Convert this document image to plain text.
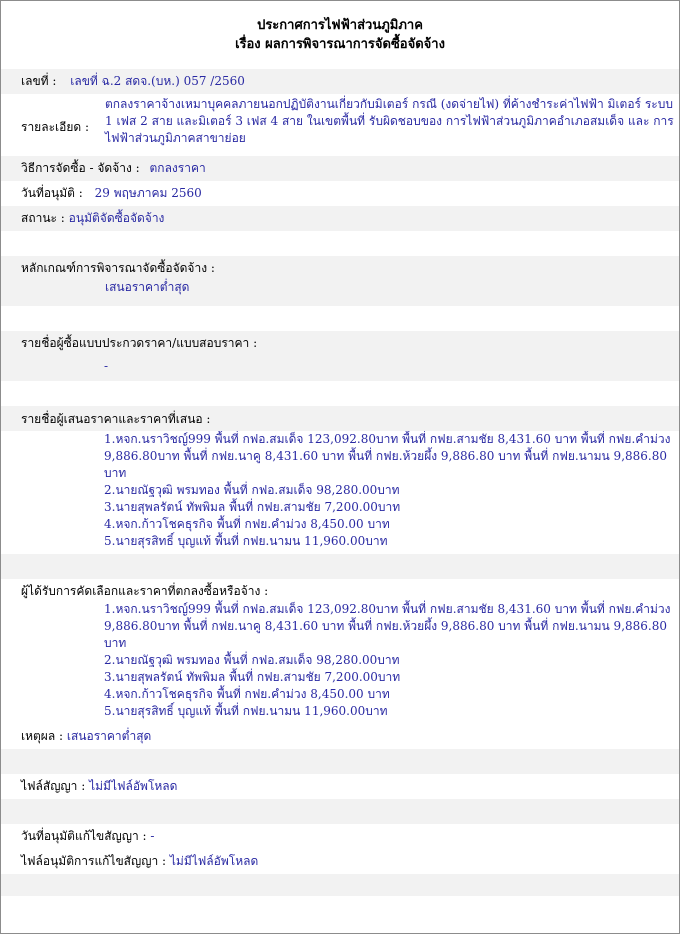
ประกาศการไฟฟ้าส่วนภูมิภาค
เรื่อง ผลการพิจารณาการจัดซื้อจัดจ้าง
เลขที่ : เลขที่ ฉ.2 สดจ.(บห.) 057 /2560
รายละเอียด :
ตกลงราคาจ้างเหมาบุคคลภายนอกปฏิบัติงานเกี่ยวกับมิเตอร์ กรณี (งดจ่ายไฟ) ที่ค้างชำระค่าไฟฟ้า มิเตอร์ ระบบ 1 เฟส 2 สาย และมิเตอร์ 3 เฟส 4 สาย ในเขตพื้นที่ รับผิดชอบของ การไฟฟ้าส่วนภูมิภาคอำเภอสมเด็จ และ การไฟฟ้าส่วนภูมิภาคสาขาย่อย
วิธีการจัดซื้อ - จัดจ้าง : ตกลงราคา
วันที่อนุมัติ : 29 พฤษภาคม 2560
สถานะ : อนุมัติจัดซื้อจัดจ้าง
หลักเกณฑ์การพิจารณาจัดซื้อจัดจ้าง :
เสนอราคาต่ำสุด
รายชื่อผู้ซื้อแบบประกวดราคา/แบบสอบราคา :
-
รายชื่อผู้เสนอราคาและราคาที่เสนอ :
1.หจก.นราวิชญ์999 พื้นที่ กฟอ.สมเด็จ 123,092.80บาท พื้นที่ กฟย.สามชัย 8,431.60 บาท พื้นที่ กฟย.คำม่วง 9,886.80บาท พื้นที่ กฟย.นาคู 8,431.60 บาท พื้นที่ กฟย.ห้วยผึ้ง 9,886.80 บาท พื้นที่ กฟย.นามน 9,886.80 บาท
2.นายณัฐวุฒิ พรมทอง พื้นที่ กฟอ.สมเด็จ 98,280.00บาท
3.นายสุพลรัตน์ ทัพพิมล พื้นที่ กฟย.สามชัย 7,200.00บาท
4.หจก.ก้าวโชคธุรกิจ พื้นที่ กฟย.คำม่วง 8,450.00 บาท
5.นายสุรสิทธิ์ บุญแท้ พื้นที่ กฟย.นามน 11,960.00บาท
ผู้ได้รับการคัดเลือกและราคาที่ตกลงซื้อหรือจ้าง :
1.หจก.นราวิชญ์999 พื้นที่ กฟอ.สมเด็จ 123,092.80บาท พื้นที่ กฟย.สามชัย 8,431.60 บาท พื้นที่ กฟย.คำม่วง 9,886.80บาท พื้นที่ กฟย.นาคู 8,431.60 บาท พื้นที่ กฟย.ห้วยผึ้ง 9,886.80 บาท พื้นที่ กฟย.นามน 9,886.80 บาท
2.นายณัฐวุฒิ พรมทอง พื้นที่ กฟอ.สมเด็จ 98,280.00บาท
3.นายสุพลรัตน์ ทัพพิมล พื้นที่ กฟย.สามชัย 7,200.00บาท
4.หจก.ก้าวโชคธุรกิจ พื้นที่ กฟย.คำม่วง 8,450.00 บาท
5.นายสุรสิทธิ์ บุญแท้ พื้นที่ กฟย.นามน 11,960.00บาท
เหตุผล : เสนอราคาต่ำสุด
ไฟล์สัญญา : ไม่มีไฟล์อัพโหลด
วันที่อนุมัติแก้ไขสัญญา : -
ไฟล์อนุมัติการแก้ไขสัญญา : ไม่มีไฟล์อัพโหลด
